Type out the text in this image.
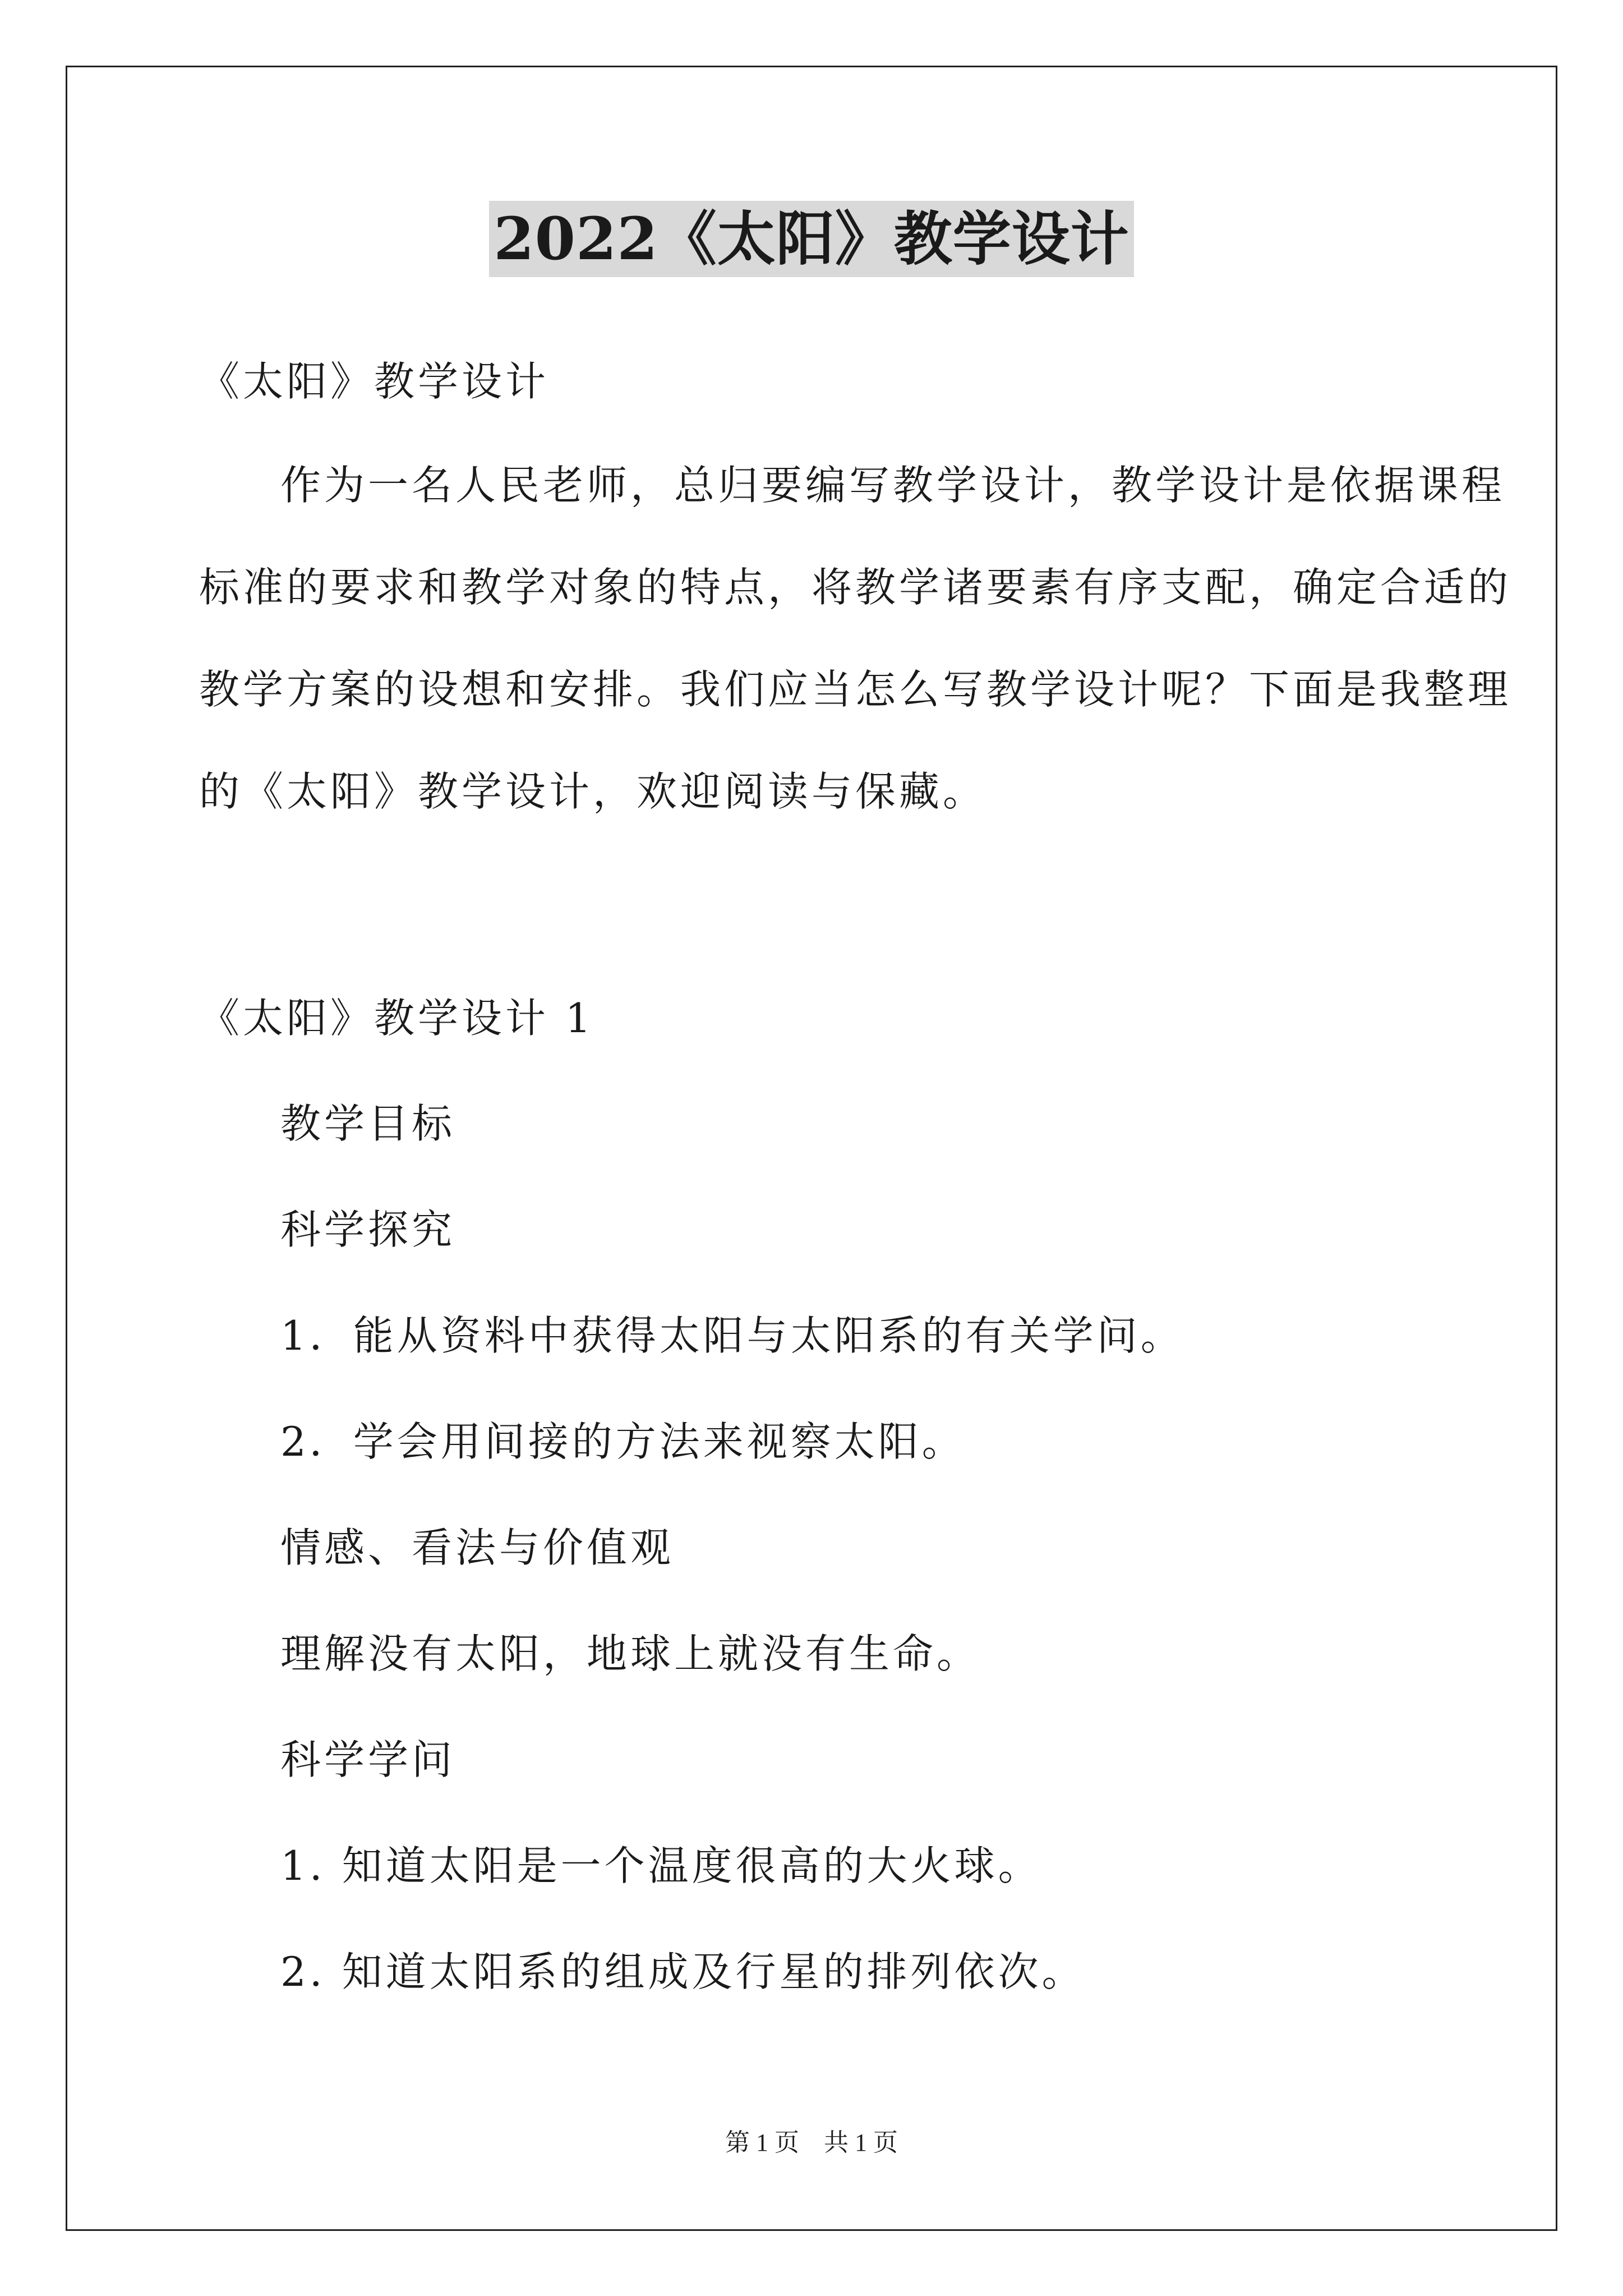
2022《太阳》教学设计
《太阳》教学设计
作为一名人民老师，总归要编写教学设计，教学设计是依据课程
标准的要求和教学对象的特点，将教学诸要素有序支配，确定合适的
教学方案的设想和安排。我们应当怎么写教学设计呢？下面是我整理
的《太阳》教学设计，欢迎阅读与保藏。
《太阳》教学设计 1
教学目标
科学探究
1．能从资料中获得太阳与太阳系的有关学问。
2．学会用间接的方法来视察太阳。
情感、看法与价值观
理解没有太阳，地球上就没有生命。
科学学问
1. 知道太阳是一个温度很高的大火球。
2. 知道太阳系的组成及行星的排列依次。
第 1 页　共 1 页
